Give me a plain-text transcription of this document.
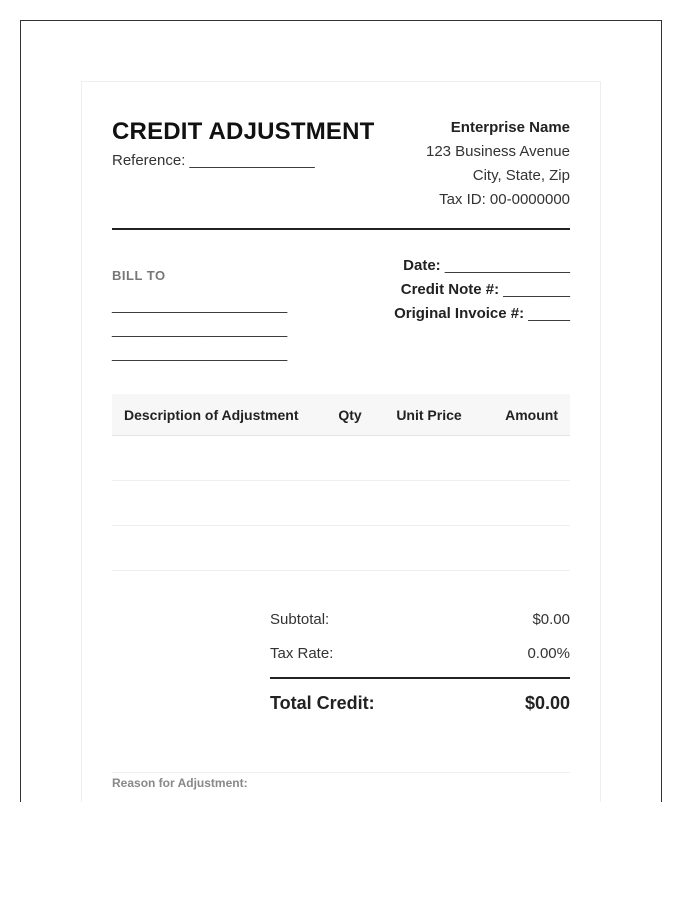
CREDIT ADJUSTMENT
Reference: _______________
Enterprise Name
123 Business Avenue
City, State, Zip
Tax ID: 00-0000000
BILL TO
_____________________
_____________________
_____________________
Date: _______________
Credit Note #: ________
Original Invoice #: _____
Description of Adjustment	Qty	Unit Price	Amount
Subtotal:	$0.00
Tax Rate:	0.00%
Total Credit:	$0.00
Reason for Adjustment:
